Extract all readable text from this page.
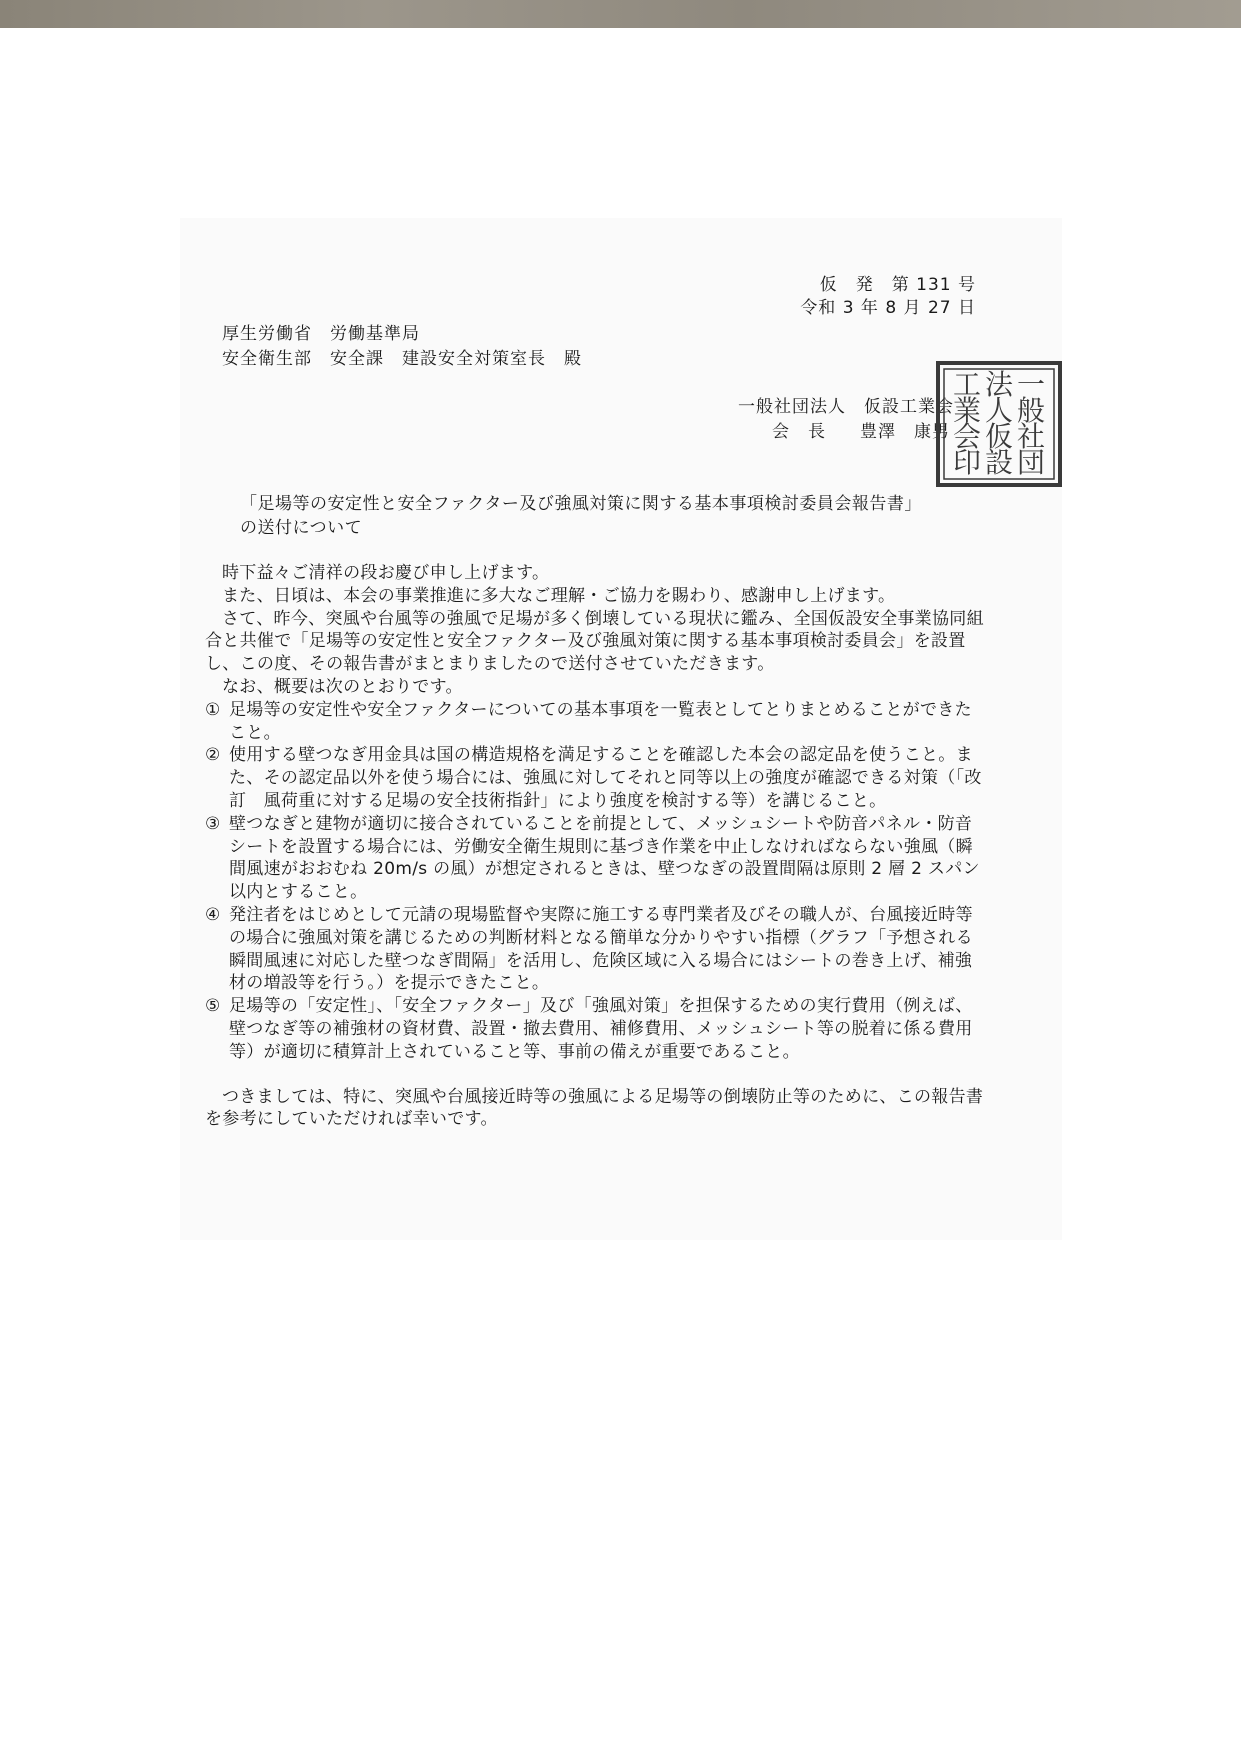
仮　発　第 131 号
令和 3 年 8 月 27 日
厚生労働省　労働基準局
安全衛生部　安全課　建設安全対策室長　殿
一般社団法人　仮設工業会
会　長 豊澤　康男
一
般
社
団
法
人
仮
設
工
業
会
印
「足場等の安定性と安全ファクター及び強風対策に関する基本事項検討委員会報告書」
の送付について

時下益々ご清祥の段お慶び申し上げます。

また、日頃は、本会の事業推進に多大なご理解・ご協力を賜わり、感謝申し上げます。

さて、昨今、突風や台風等の強風で足場が多く倒壊している現状に鑑み、全国仮設安全事業協同組合と共催で「足場等の安定性と安全ファクター及び強風対策に関する基本事項検討委員会」を設置し、この度、その報告書がまとまりましたので送付させていただきます。

なお、概要は次のとおりです。

① 足場等の安定性や安全ファクターについての基本事項を一覧表としてとりまとめることができたこと。
② 使用する壁つなぎ用金具は国の構造規格を満足することを確認した本会の認定品を使うこと。また、その認定品以外を使う場合には、強風に対してそれと同等以上の強度が確認できる対策（「改訂　風荷重に対する足場の安全技術指針」により強度を検討する等）を講じること。
③ 壁つなぎと建物が適切に接合されていることを前提として、メッシュシートや防音パネル・防音シートを設置する場合には、労働安全衛生規則に基づき作業を中止しなければならない強風（瞬間風速がおおむね 20m/s の風）が想定されるときは、壁つなぎの設置間隔は原則 2 層 2 スパン以内とすること。
④ 発注者をはじめとして元請の現場監督や実際に施工する専門業者及びその職人が、台風接近時等の場合に強風対策を講じるための判断材料となる簡単な分かりやすい指標（グラフ「予想される瞬間風速に対応した壁つなぎ間隔」を活用し、危険区域に入る場合にはシートの巻き上げ、補強材の増設等を行う。）を提示できたこと。
⑤ 足場等の「安定性」、「安全ファクター」及び「強風対策」を担保するための実行費用（例えば、壁つなぎ等の補強材の資材費、設置・撤去費用、補修費用、メッシュシート等の脱着に係る費用等）が適切に積算計上されていること等、事前の備えが重要であること。

つきましては、特に、突風や台風接近時等の強風による足場等の倒壊防止等のために、この報告書を参考にしていただければ幸いです。
